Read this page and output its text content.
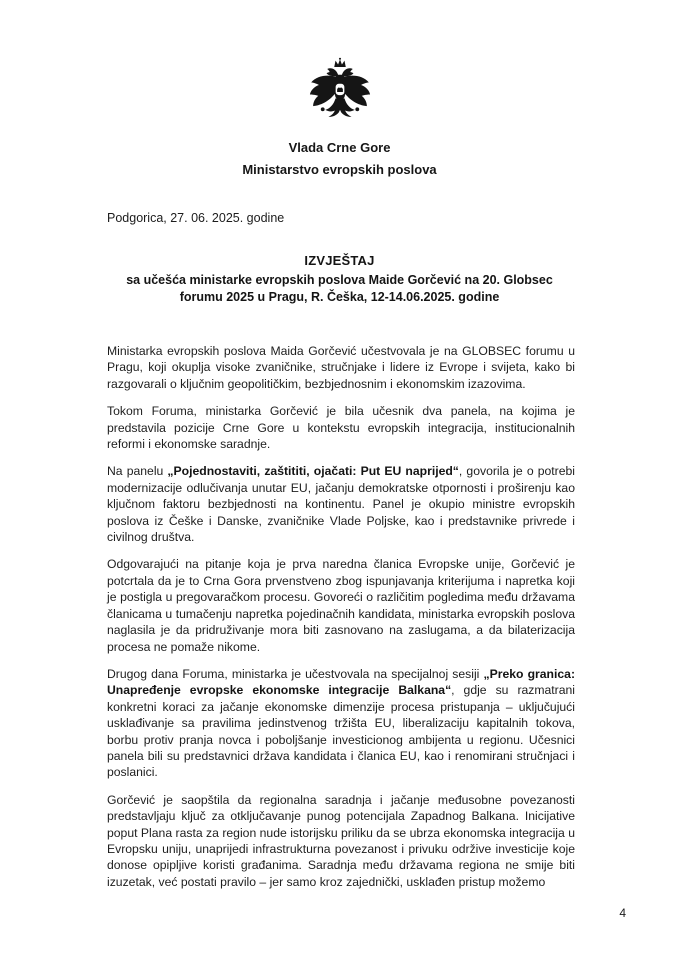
Vlada Crne Gore
Ministarstvo evropskih poslova
Podgorica, 27. 06. 2025. godine
IZVJEŠTAJ
sa učešća ministarke evropskih poslova Maide Gorčević na 20. Globsec forumu 2025 u Pragu, R. Češka, 12-14.06.2025. godine

Ministarka evropskih poslova Maida Gorčević učestvovala je na GLOBSEC forumu u Pragu, koji okuplja visoke zvaničnike, stručnjake i lidere iz Evrope i svijeta, kako bi razgovarali o ključnim geopolitičkim, bezbjednosnim i ekonomskim izazovima.

Tokom Foruma, ministarka Gorčević je bila učesnik dva panela, na kojima je predstavila pozicije Crne Gore u kontekstu evropskih integracija, institucionalnih reformi i ekonomske saradnje.

Na panelu „Pojednostaviti, zaštititi, ojačati: Put EU naprijed“, govorila je o potrebi modernizacije odlučivanja unutar EU, jačanju demokratske otpornosti i proširenju kao ključnom faktoru bezbjednosti na kontinentu. Panel je okupio ministre evropskih poslova iz Češke i Danske, zvaničnike Vlade Poljske, kao i predstavnike privrede i civilnog društva.

Odgovarajući na pitanje koja je prva naredna članica Evropske unije, Gorčević je potcrtala da je to Crna Gora prvenstveno zbog ispunjavanja kriterijuma i napretka koji je postigla u pregovaračkom procesu. Govoreći o različitim pogledima među državama članicama u tumačenju napretka pojedinačnih kandidata, ministarka evropskih poslova naglasila je da pridruživanje mora biti zasnovano na zaslugama, a da bilaterizacija procesa ne pomaže nikome.

Drugog dana Foruma, ministarka je učestvovala na specijalnoj sesiji „Preko granica: Unapređenje evropske ekonomske integracije Balkana“, gdje su razmatrani konkretni koraci za jačanje ekonomske dimenzije procesa pristupanja – uključujući usklađivanje sa pravilima jedinstvenog tržišta EU, liberalizaciju kapitalnih tokova, borbu protiv pranja novca i poboljšanje investicionog ambijenta u regionu. Učesnici panela bili su predstavnici država kandidata i članica EU, kao i renomirani stručnjaci i poslanici.

Gorčević je saopštila da regionalna saradnja i jačanje međusobne povezanosti predstavljaju ključ za otključavanje punog potencijala Zapadnog Balkana. Inicijative poput Plana rasta za region nude istorijsku priliku da se ubrza ekonomska integracija u Evropsku uniju, unaprijedi infrastrukturna povezanost i privuku održive investicije koje donose opipljive koristi građanima. Saradnja među državama regiona ne smije biti izuzetak, već postati pravilo – jer samo kroz zajednički, usklađen pristup možemo

4
